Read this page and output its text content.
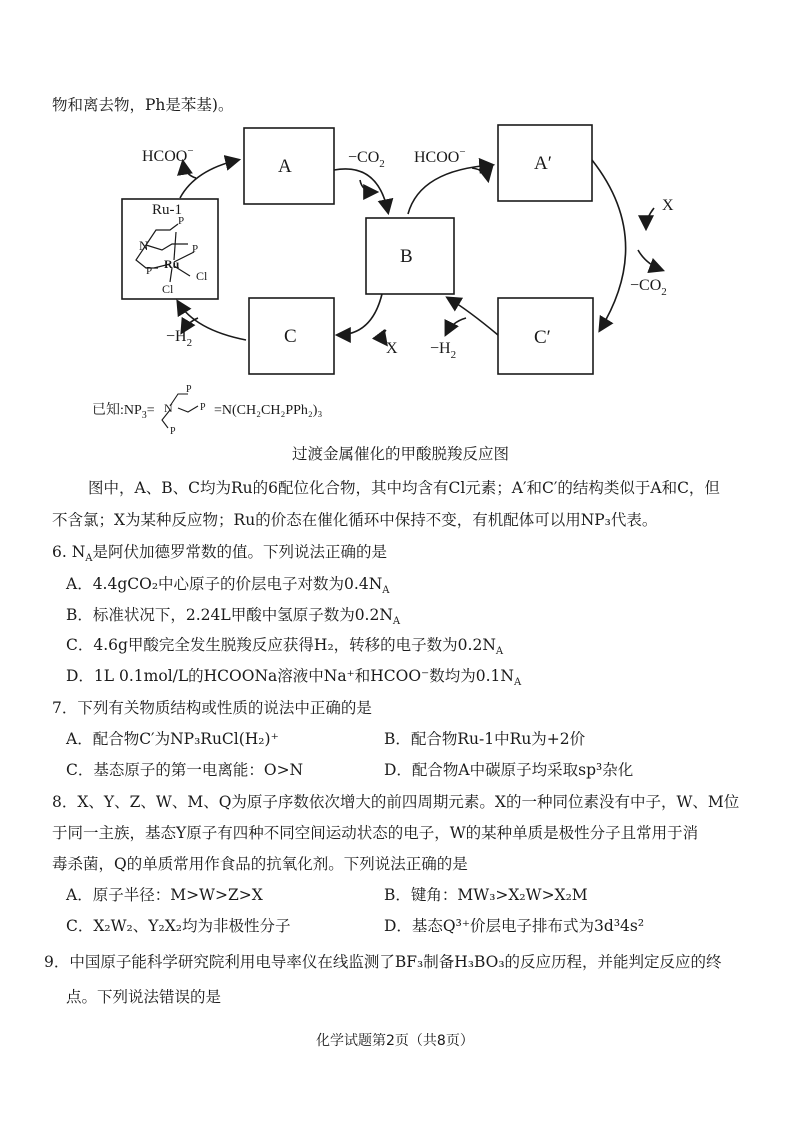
物和离去物，Ph是苯基)。
A	A′
B
C	C′
Ru-1
P
N	P
P Ru
Cl
Cl
HCOO−	$-CO_2$ HCOO−
X
$-CO_2$
$-H_2$	$X -H_2$
已知$:NP_3= N$
P
P
P
=N(CH₂CH₂PPh₂)₃
过渡金属催化的甲酸脱羧反应图
图中，A、B、C均为Ru的6配位化合物，其中均含有Cl元素；A′和C′的结构类似于A和C，但
不含氯；X为某种反应物；Ru的价态在催化循环中保持不变，有机配体可以用NP₃代表。
6. $N_A$是阿伏加德罗常数的值。下列说法正确的是
A．4.4gCO₂中心原子的价层电子对数为$0.4N_A$
B．标准状况下，2.24L甲酸中氢原子数为$0.2N_A$
C．4.6g甲酸完全发生脱羧反应获得H₂，转移的电子数为$0.2N_A$
D．1L 0.1mol/L的HCOONa溶液中Na⁺和HCOO⁻数均为$0.1N_A$
7．下列有关物质结构或性质的说法中正确的是
A．配合物C′为NP₃RuCl(H₂)⁺	B．配合物Ru-1中Ru为+2价
C．基态原子的第一电离能：O>N	D．配合物A中碳原子均采取sp³杂化
8．X、Y、Z、W、M、Q为原子序数依次增大的前四周期元素。X的一种同位素没有中子，W、M位
于同一主族，基态Y原子有四种不同空间运动状态的电子，W的某种单质是极性分子且常用于消
毒杀菌，Q的单质常用作食品的抗氧化剂。下列说法正确的是
A．原子半径：M>W>Z>X	B．键角：MW₃>X₂W>X₂M
C．X₂W₂、Y₂X₂均为非极性分子	D．基态Q³⁺价层电子排布式为3d³4s²
9．中国原子能科学研究院利用电导率仪在线监测了BF₃制备H₃BO₃的反应历程，并能判定反应的终
点。下列说法错误的是
化学试题第2页（共8页）
